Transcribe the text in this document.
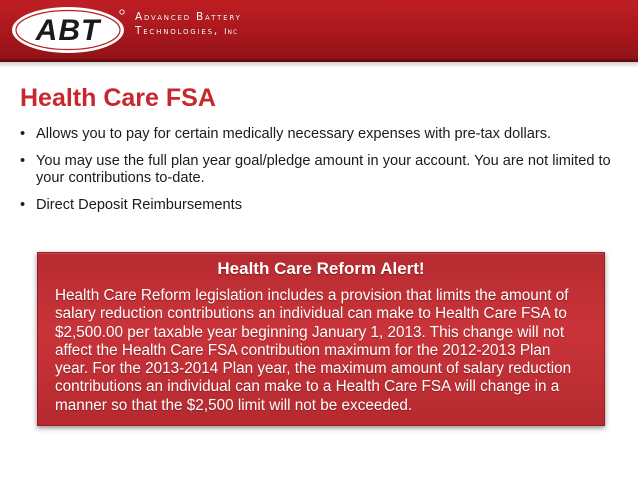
ABT	Advanced Battery
Technologies, Inc
Health Care FSA
• Allows you to pay for certain medically necessary expenses with pre-tax dollars.
• You may use the full plan year goal/pledge amount in your account. You are not limited to your contributions to-date.
• Direct Deposit Reimbursements
Health Care Reform Alert!
Health Care Reform legislation includes a provision that limits the amount of
salary reduction contributions an individual can make to Health Care FSA to
$2,500.00 per taxable year beginning January 1, 2013. This change will not
affect the Health Care FSA contribution maximum for the 2012-2013 Plan
year. For the 2013-2014 Plan year, the maximum amount of salary reduction
contributions an individual can make to a Health Care FSA will change in a
manner so that the $2,500 limit will not be exceeded.
